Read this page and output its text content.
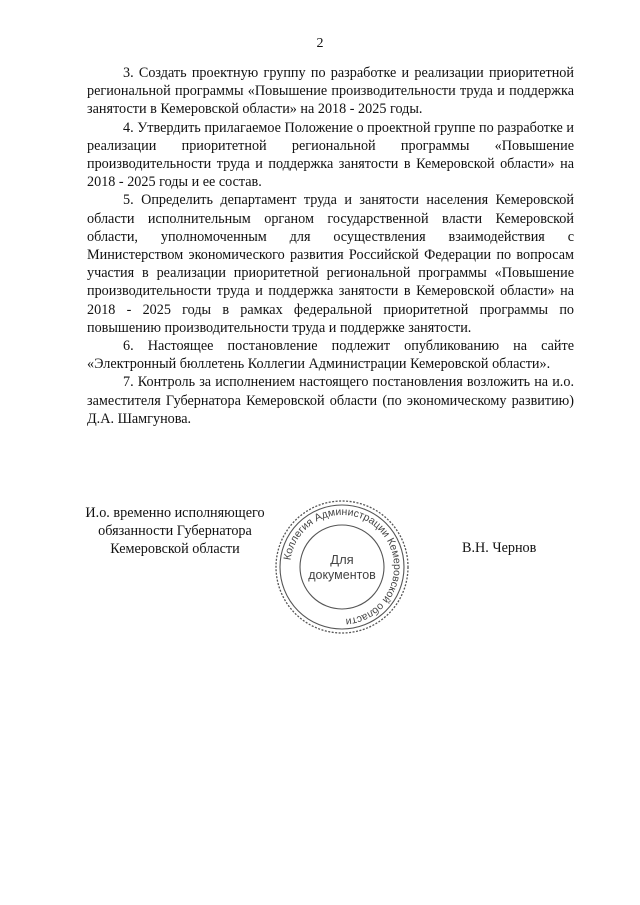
2

3. Создать проектную группу по разработке и реализации приоритетной региональной программы «Повышение производительности труда и поддержка занятости в Кемеровской области» на 2018 - 2025 годы.

4. Утвердить прилагаемое Положение о проектной группе по разработке и реализации приоритетной региональной программы «Повышение производительности труда и поддержка занятости в Кемеровской области» на 2018 - 2025 годы и ее состав.

5. Определить департамент труда и занятости населения Кемеровской области исполнительным органом государственной власти Кемеровской области, уполномоченным для осуществления взаимодействия с Министерством экономического развития Российской Федерации по вопросам участия в реализации приоритетной региональной программы «Повышение производительности труда и поддержка занятости в Кемеровской области» на 2018 - 2025 годы в рамках федеральной приоритетной программы по повышению производительности труда и поддержке занятости.

6. Настоящее постановление подлежит опубликованию на сайте «Электронный бюллетень Коллегии Администрации Кемеровской области».

7. Контроль за исполнением настоящего постановления возложить на и.о. заместителя Губернатора Кемеровской области (по экономическому развитию) Д.А. Шамгунова.

И.о. временно исполняющего
обязанности Губернатора
Кемеровской области	Коллегия Администрации Кемеровской области
Для
документов
В.Н. Чернов
